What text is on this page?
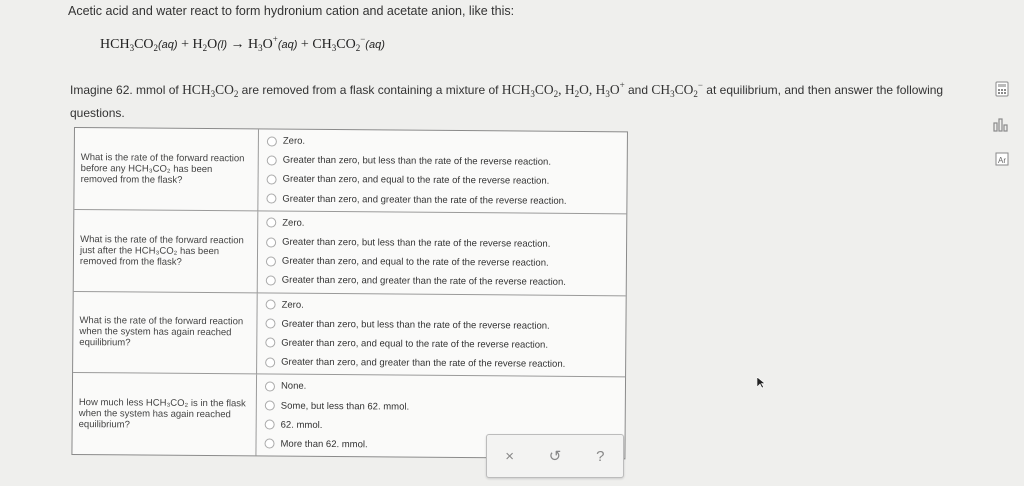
Acetic acid and water react to form hydronium cation and acetate anion, like this:
$HCH_3CO_2(aq) + H_2O(l) \to H_3O^+(aq) + CH_3CO_2^-(aq)$
Imagine 62. mmol of $HCH_3CO_2$ are removed from a flask containing a mixture of $HCH_3CO_2$, $H_2O$, $H_3O^+$ and $CH_3CO_2^-$ at equilibrium, and then answer the following questions.
What is the rate of the forward reaction before any HCH₃CO₂ has been removed from the flask?
Zero.
Greater than zero, but less than the rate of the reverse reaction.
Greater than zero, and equal to the rate of the reverse reaction.
Greater than zero, and greater than the rate of the reverse reaction.
What is the rate of the forward reaction just after the HCH₃CO₂ has been removed from the flask?
Zero.
Greater than zero, but less than the rate of the reverse reaction.
Greater than zero, and equal to the rate of the reverse reaction.
Greater than zero, and greater than the rate of the reverse reaction.
What is the rate of the forward reaction when the system has again reached equilibrium?
Zero.
Greater than zero, but less than the rate of the reverse reaction.
Greater than zero, and equal to the rate of the reverse reaction.
Greater than zero, and greater than the rate of the reverse reaction.
How much less HCH₃CO₂ is in the flask when the system has again reached equilibrium?
None.
Some, but less than 62. mmol.
62. mmol.
More than 62. mmol.
×	↺	?
Ar
